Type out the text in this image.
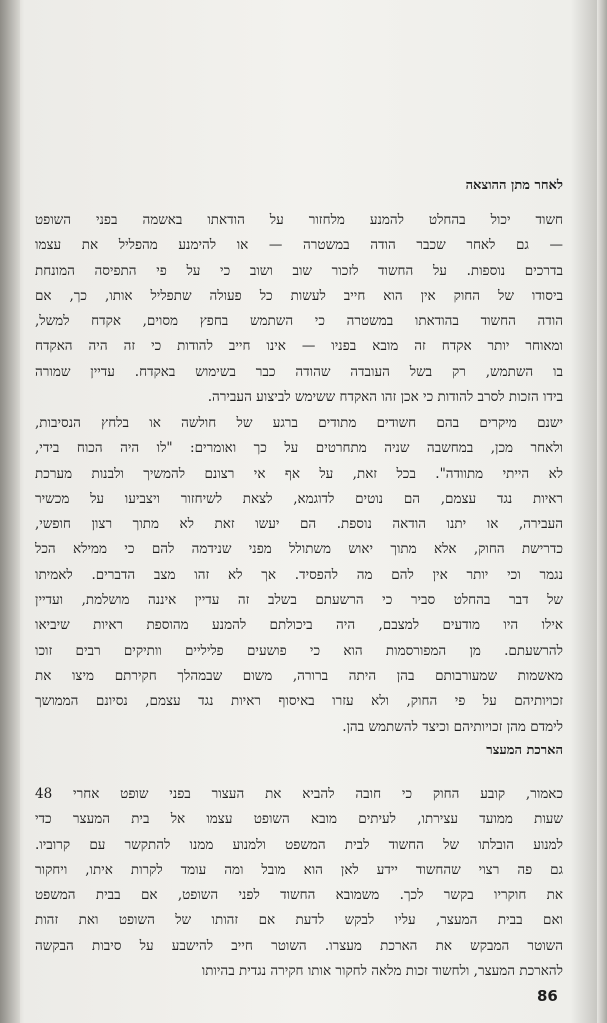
לאחר מתן ההוצאה
חשוד יכול בהחלט להמנע מלחזור על הודאתו באשמה בפני השופט
— גם לאחר שכבר הודה במשטרה — או להימנע מהפליל את עצמו
בדרכים נוספות. על החשוד לזכור שוב ושוב כי על פי התפיסה המונחת
ביסודו של החוק אין הוא חייב לעשות כל פעולה שתפליל אותו, כך, אם
הודה החשוד בהודאתו במשטרה כי השתמש בחפץ מסוים, אקדח למשל,
ומאוחר יותר אקדח זה מובא בפניו — אינו חייב להודות כי זה היה האקדח
בו השתמש, רק בשל העובדה שהודה כבר בשימוש באקדח. עדיין שמורה
בידו הזכות לסרב להודות כי אכן זהו האקדח ששימש לביצוע העבירה.
ישנם מיקרים בהם חשודים מתודים ברגע של חולשה או בלחץ הנסיבות,
ולאחר מכן, במחשבה שניה מתחרטים על כך ואומרים: "לו היה הכוח בידי,
לא הייתי מתוודה". בכל זאת, על אף אי רצונם להמשיך ולבנות מערכת
ראיות נגד עצמם, הם נוטים לדוגמא, לצאת לשיחזור ויצביעו על מכשיר
העבירה, או יתנו הודאה נוספת. הם יעשו זאת לא מתוך רצון חופשי,
כדרישת החוק, אלא מתוך יאוש משתולל מפני שנידמה להם כי ממילא הכל
נגמר וכי יותר אין להם מה להפסיד. אך לא זהו מצב הדברים. לאמיתו
של דבר בהחלט סביר כי הרשעתם בשלב זה עדיין איננה מושלמת, ועדיין
אילו היו מודעים למצבם, היה ביכולתם להמנע מהוספת ראיות שיביאו
להרשעתם. מן המפורסמות הוא כי פושעים פליליים וותיקים רבים זוכו
מאשמות שמעורבותם בהן היתה ברורה, משום שבמהלך חקירתם מיצו את
זכויותיהם על פי החוק, ולא עזרו באיסוף ראיות נגד עצמם, נסיונם הממושך
לימדם מהן זכויותיהם וכיצד להשתמש בהן.
הארכת המעצר
כאמור, קובע החוק כי חובה להביא את העצור בפני שופט אחרי 48
שעות ממועד עצירתו, לעיתים מובא השופט עצמו אל בית המעצר כדי
למנוע הובלתו של החשוד לבית המשפט ולמנוע ממנו להתקשר עם קרוביו.
גם פה רצוי שהחשוד יידע לאן הוא מובל ומה עומד לקרות איתו, ויחקור
את חוקריו בקשר לכך. משמובא החשוד לפני השופט, אם בבית המשפט
ואם בבית המעצר, עליו לבקש לדעת אם זהותו של השופט ואת זהות
השוטר המבקש את הארכת מעצרו. השוטר חייב להישבע על סיבות הבקשה
להארכת המעצר, ולחשוד זכות מלאה לחקור אותו חקירה נגדית בהיותו
86
